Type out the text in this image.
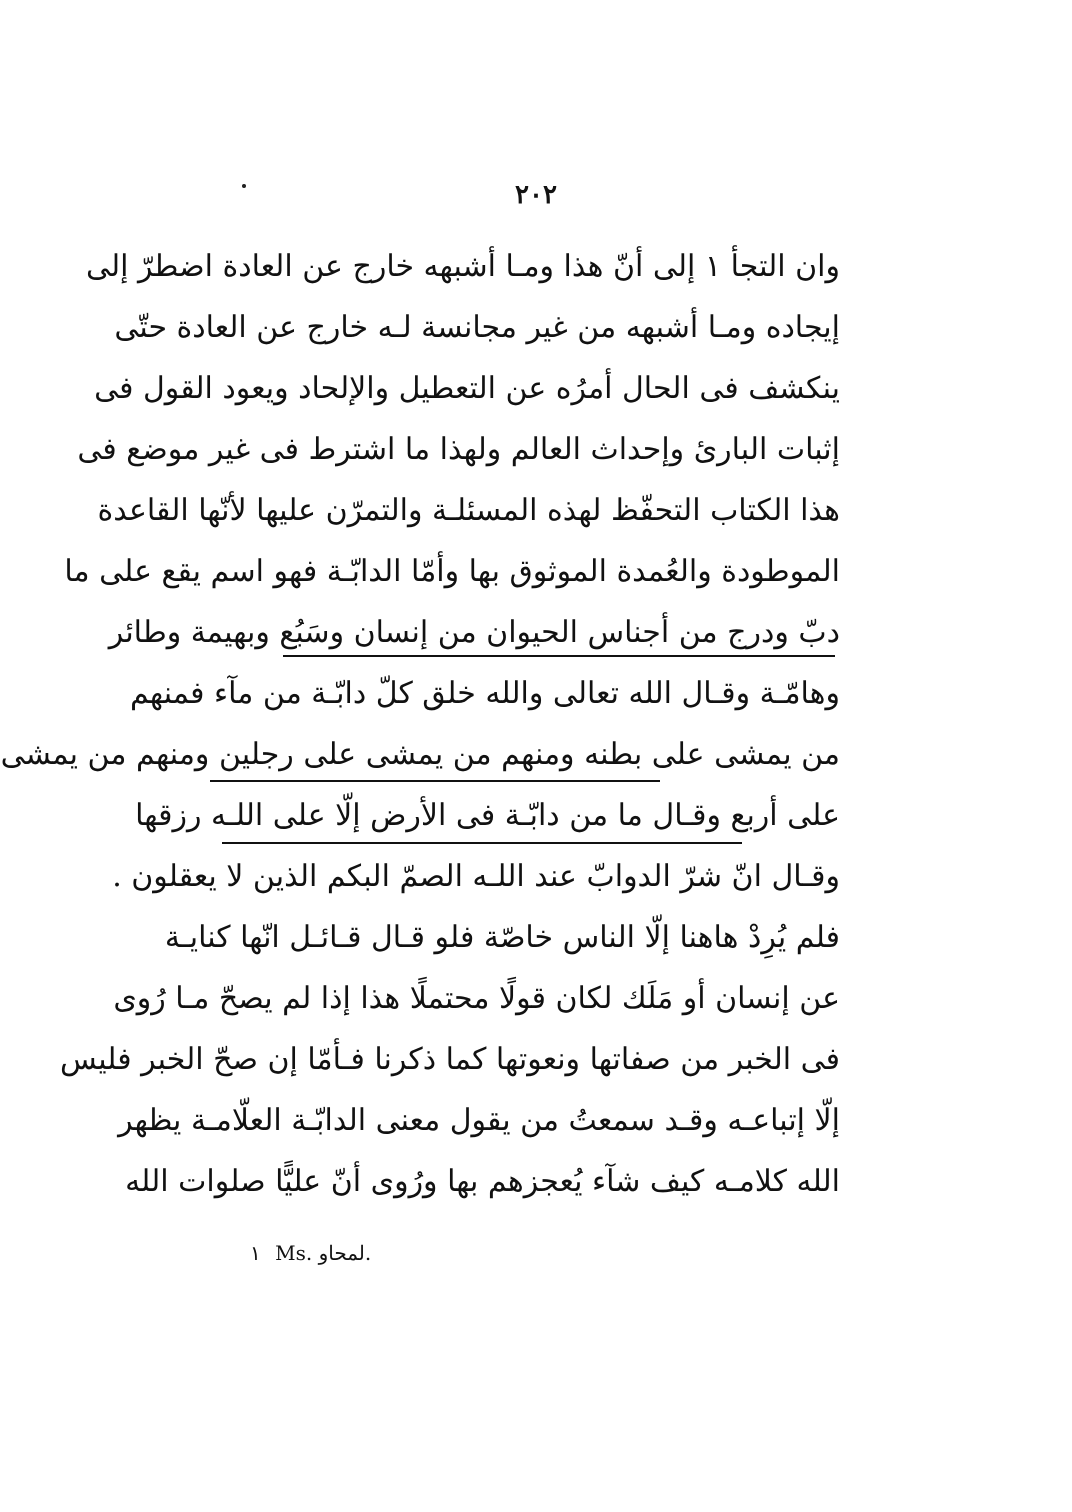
۲۰۲
وان التجأ ١ إلى أنّ هذا ومـا أشبهه خارج عن العادة اضطرّ إلى
إيجاده ومـا أشبهه من غير مجانسة لـه خارج عن العادة حتّى
ينكشف فى الحال أمرُه عن التعطيل والإلحاد ويعود القول فى
إثبات البارئ وإحداث العالم ولهذا ما اشترط فى غير موضع فى
هذا الكتاب التحفّظ لهذه المسئلـة والتمرّن عليها لأنّها القاعدة
الموطودة والعُمدة الموثوق بها وأمّا الدابّـة فهو اسم يقع على ما
دبّ ودرج من أجناس الحيوان من إنسان وسَبُع وبهيمة وطائر
وهامّـة وقـال الله تعالى والله خلق كلّ دابّـة من مآء فمنهم
من يمشى على بطنه ومنهم من يمشى على رجلين ومنهم من يمشى
على أربع وقـال ما من دابّـة فى الأرض إلّا على اللـه رزقها
وقـال انّ شرّ الدوابّ عند اللـه الصمّ البكم الذين لا يعقلون .
فلم يُرِدْ هاهنا إلّا الناس خاصّة فلو قـال قـائـل انّها كنايـة
عن إنسان أو مَلَك لكان قولًا محتملًا هذا إذا لم يصحّ مـا رُوى
فى الخبر من صفاتها ونعوتها كما ذكرنا فـأمّا إن صحّ الخبر فليس
إلّا إتباعـه وقـد سمعتُ من يقول معنى الدابّـة العلّامـة يظهر
الله كلامـه كيف شآء يُعجزهم بها ورُوى أنّ عليًّا صلوات الله
١ Ms. لمحاو.
